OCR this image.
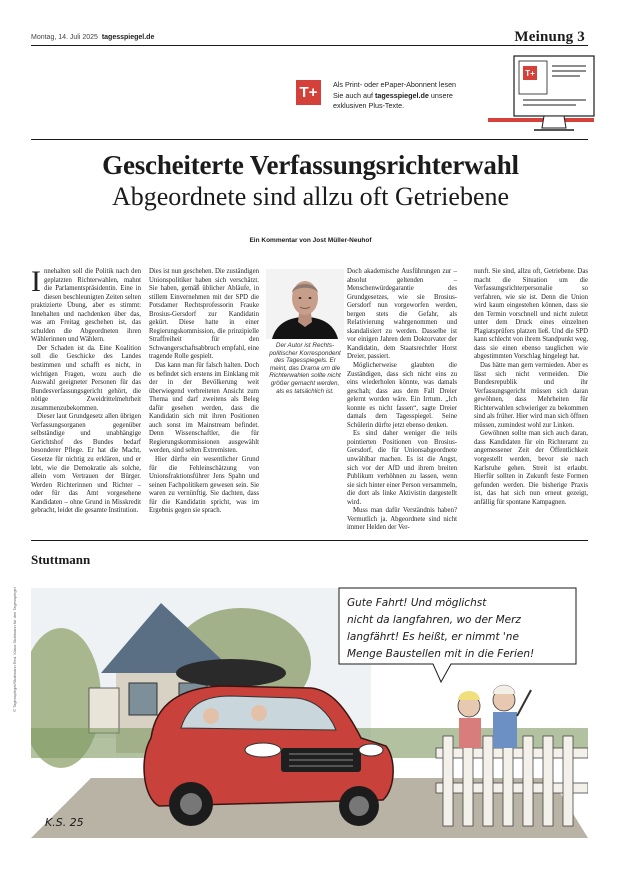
Montag, 14. Juli 2025 tagesspiegel.de	Meinung 3
T+	Als Print- oder ePaper-Abonnent lesen
Sie auch auf tagesspiegel.de unsere
exklusiven Plus-Texte.
T+
Gescheiterte Verfassungsrichterwahl
Abgeordnete sind allzu oft Getriebene
Ein Kommentar von Jost Müller-Neuhof

Innehalten soll die Politik nach den geplatzten Richterwahlen, mahnt die Parlamentspräsidentin. Eine in diesen beschleunigten Zeiten selten praktizierte Übung, aber es stimmt: Innehalten und nachdenken über das, was am Freitag geschehen ist, das schulden die Abgeordneten ihren Wählerinnen und Wählern.

Der Schaden ist da. Eine Koalition soll die Geschicke des Landes bestimmen und schafft es nicht, in wichtigen Fragen, wozu auch die Auswahl geeigneter Personen für das Bundesverfassungsgericht gehört, die nötige Zweidrittelmehrheit zusammenzubekommen.

Dieser laut Grundgesetz allen übrigen Verfassungsorganen gegenüber selbständige und unabhängige Gerichtshof des Bundes bedarf besonderer Pflege. Er hat die Macht, Gesetze für nichtig zu erklären, und er lebt, wie die Demokratie als solche, allein vom Vertrauen der Bürger. Werden Richterinnen und Richter – oder für das Amt vorgesehene Kandidaten – ohne Grund in Misskredit gebracht, leidet die gesamte Institution.

Dies ist nun geschehen. Die zuständigen Unionspolitiker haben sich verschätzt. Sie haben, gemäß üblicher Abläufe, in stillem Einvernehmen mit der SPD die Potsdamer Rechtsprofessorin Frauke Brosius-Gersdorf zur Kandidatin gekürt. Diese hatte in einer Regierungskommission, die prinzipielle Straffreiheit für den Schwangerschaftsabbruch empfahl, eine tragende Rolle gespielt.

Das kann man für falsch halten. Doch es befindet sich erstens im Einklang mit der in der Bevölkerung weit überwiegend verbreiteten Ansicht zum Thema und darf zweitens als Beleg dafür gesehen werden, dass die Kandidatin sich mit ihren Positionen auch sonst im Mainstream befindet. Denn Wissenschaftler, die für Regierungskommissionen ausgewählt werden, sind selten Extremisten.

Hier dürfte ein wesentlicher Grund für die Fehleinschätzung von Unionsfraktionsführer Jens Spahn und seinen Fachpolitikern gewesen sein. Sie waren zu vernünftig. Sie dachten, dass für die Kandidatin spricht, was im Ergebnis gegen sie sprach.

Der Autor ist Rechtspolitischer Korrespondent des Tagesspiegels. Er meint, das Drama um die Richterwahlen sollte nicht größer gemacht werden, als es tatsächlich ist.

Doch akademische Ausführungen zur – absolut geltenden – Menschenwürdegarantie des Grundgesetzes, wie sie Brosius-Gersdorf nun vorgeworfen werden, bergen stets die Gefahr, als Relativierung wahrgenommen und skandalisiert zu werden. Dasselbe ist vor einigen Jahren dem Doktorvater der Kandidatin, dem Staatsrechtler Horst Dreier, passiert.

Möglicherweise glaubten die Zuständigen, dass sich nicht eins zu eins wiederholen könnte, was damals geschah; dass aus dem Fall Dreier gelernt worden wäre. Ein Irrtum. „Ich konnte es nicht fassen“, sagte Dreier damals dem Tagesspiegel. Seine Schülerin dürfte jetzt ebenso denken.

Es sind daher weniger die teils pointierten Positionen von Brosius-Gersdorf, die für Unionsabgeordnete unwählbar machen. Es ist die Angst, sich vor der AfD und ihrem breiten Publikum verhöhnen zu lassen, wenn sie sich hinter einer Person versammeln, die dort als linke Aktivistin dargestellt wird.

Muss man dafür Verständnis haben? Vermutlich ja. Abgeordnete sind nicht immer Helden der Ver-

nunft. Sie sind, allzu oft, Getriebene. Das macht die Situation um die Verfassungsrichterpersonalie so verfahren, wie sie ist. Denn die Union wird kaum eingestehen können, dass sie den Termin vorschnell und nicht zuletzt unter dem Druck eines einzelnen Plagiatsprüfers platzen ließ. Und die SPD kann schlecht von ihrem Standpunkt weg, dass sie einen ebenso tauglichen wie abgestimmten Vorschlag hingelegt hat.

Das hätte man gern vermieden. Aber es lässt sich nicht vermeiden. Die Bundesrepublik und ihr Verfassungsgericht müssen sich daran gewöhnen, dass Mehrheiten für Richterwahlen schwieriger zu bekommen sind als früher. Hier wird man sich öffnen müssen, zumindest wohl zur Linken.

Gewöhnen sollte man sich auch daran, dass Kandidaten für ein Richteramt zu angemessener Zeit der Öffentlichkeit vorgestellt werden, bevor sie nach Karlsruhe gehen. Streit ist erlaubt. Hierfür sollten in Zukunft feste Formen gefunden werden. Die bisherige Praxis ist, das hat sich nun erneut gezeigt, anfällig für spontane Kampagnen.

Stuttmann
Gute Fahrt! Und möglichst
nicht da langfahren, wo der Merz
langfährt! Es heißt, er nimmt 'ne
Menge Baustellen mit in die Ferien!
K.S. 25
© Tagesspiegel/Stuttmann Red. Klaus Stuttmann für den Tagesspiegel
